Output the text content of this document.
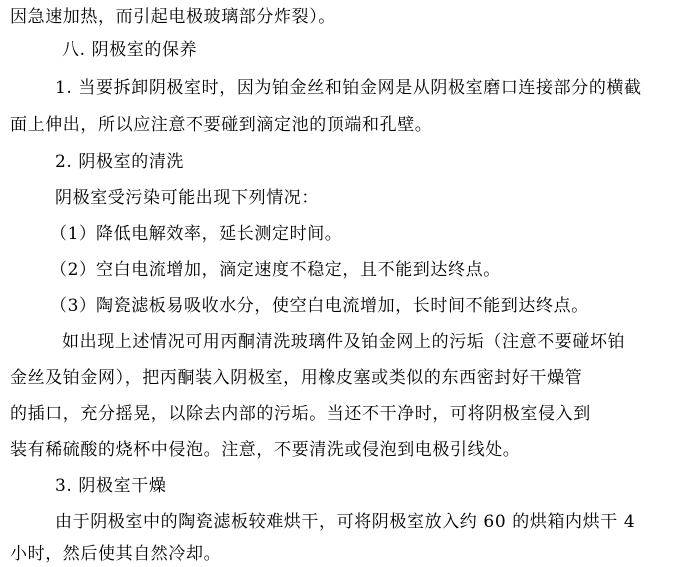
因急速加热，而引起电极玻璃部分炸裂）。
八. 阴极室的保养
1. 当要拆卸阴极室时，因为铂金丝和铂金网是从阴极室磨口连接部分的横截
面上伸出，所以应注意不要碰到滴定池的顶端和孔壁。
2. 阴极室的清洗
阴极室受污染可能出现下列情况：
（1）降低电解效率，延长测定时间。
（2）空白电流增加，滴定速度不稳定，且不能到达终点。
（3）陶瓷滤板易吸收水分，使空白电流增加，长时间不能到达终点。
如出现上述情况可用丙酮清洗玻璃件及铂金网上的污垢（注意不要碰坏铂
金丝及铂金网），把丙酮装入阴极室，用橡皮塞或类似的东西密封好干燥管
的插口，充分摇晃，以除去内部的污垢。当还不干净时，可将阴极室侵入到
装有稀硫酸的烧杯中侵泡。注意，不要清洗或侵泡到电极引线处。
3. 阴极室干燥
由于阴极室中的陶瓷滤板较难烘干，可将阴极室放入约 60 的烘箱内烘干 4
小时，然后使其自然冷却。
